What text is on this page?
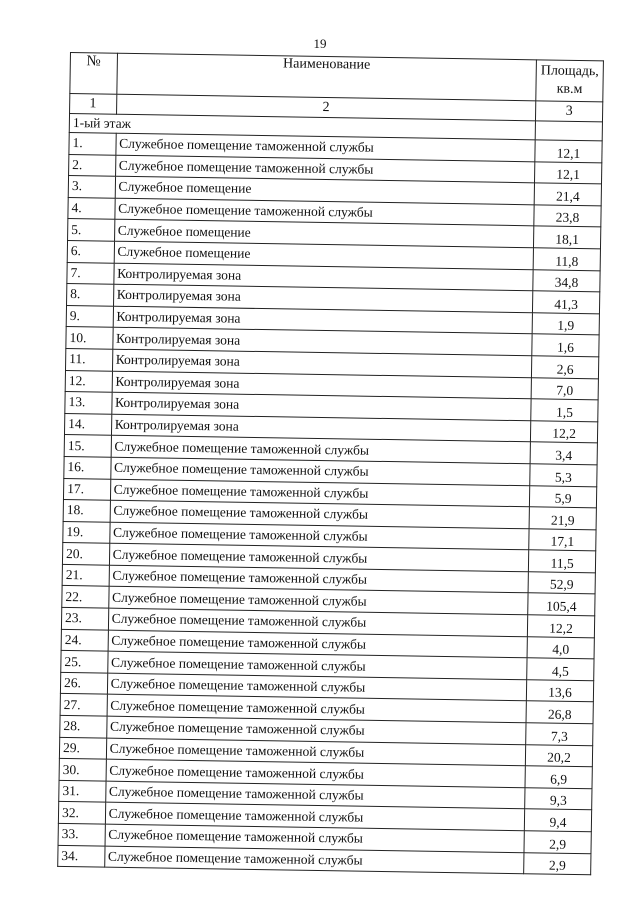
19
№	Наименование	Площадь,
кв.м

1	2	3
1-ый этаж		
1.	Служебное помещение таможенной службы	12,1
2.	Служебное помещение таможенной службы	12,1
3.	Служебное помещение	21,4
4.	Служебное помещение таможенной службы	23,8
5.	Служебное помещение	18,1
6.	Служебное помещение	11,8
7.	Контролируемая зона	34,8
8.	Контролируемая зона	41,3
9.	Контролируемая зона	1,9
10.	Контролируемая зона	1,6
11.	Контролируемая зона	2,6
12.	Контролируемая зона	7,0
13.	Контролируемая зона	1,5
14.	Контролируемая зона	12,2
15.	Служебное помещение таможенной службы	3,4
16.	Служебное помещение таможенной службы	5,3
17.	Служебное помещение таможенной службы	5,9
18.	Служебное помещение таможенной службы	21,9
19.	Служебное помещение таможенной службы	17,1
20.	Служебное помещение таможенной службы	11,5
21.	Служебное помещение таможенной службы	52,9
22.	Служебное помещение таможенной службы	105,4
23.	Служебное помещение таможенной службы	12,2
24.	Служебное помещение таможенной службы	4,0
25.	Служебное помещение таможенной службы	4,5
26.	Служебное помещение таможенной службы	13,6
27.	Служебное помещение таможенной службы	26,8
28.	Служебное помещение таможенной службы	7,3
29.	Служебное помещение таможенной службы	20,2
30.	Служебное помещение таможенной службы	6,9
31.	Служебное помещение таможенной службы	9,3
32.	Служебное помещение таможенной службы	9,4
33.	Служебное помещение таможенной службы	2,9
34.	Служебное помещение таможенной службы	2,9
